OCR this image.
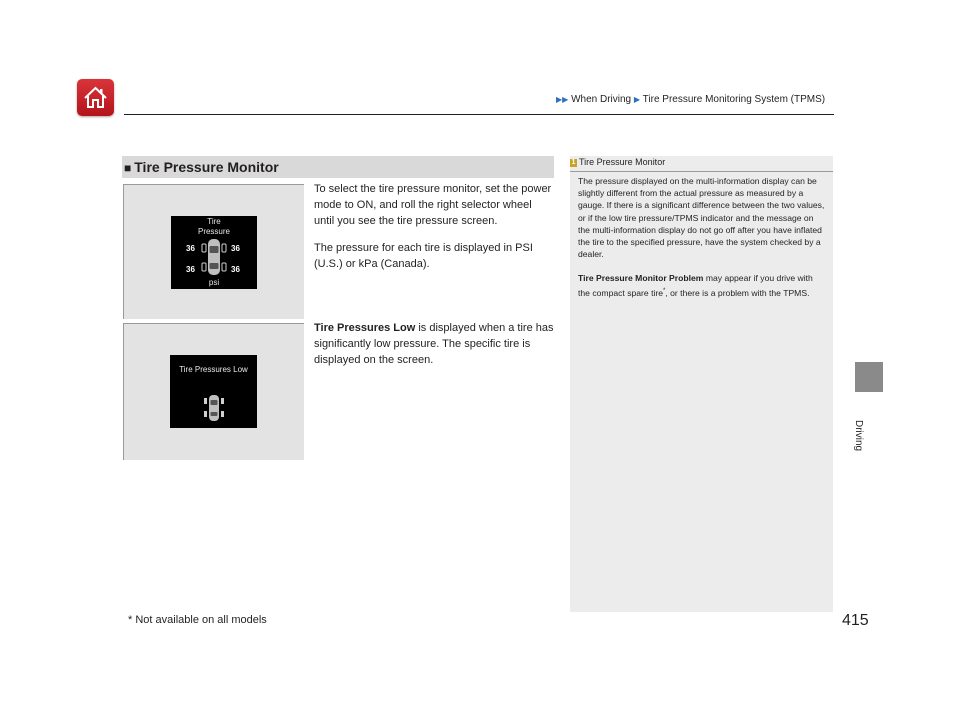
▶▶ When Driving ▶ Tire Pressure Monitoring System (TPMS)
■ Tire Pressure Monitor
Tire
Pressure
36	36
36	36
psi
Tire Pressures Low

To select the tire pressure monitor, set the power mode to ON, and roll the right selector wheel until you see the tire pressure screen.

The pressure for each tire is displayed in PSI (U.S.) or kPa (Canada).

Tire Pressures Low is displayed when a tire has significantly low pressure. The specific tire is displayed on the screen.

1 Tire Pressure Monitor

The pressure displayed on the multi-information display can be slightly different from the actual pressure as measured by a gauge. If there is a significant difference between the two values, or if the low tire pressure/TPMS indicator and the message on the multi-information display do not go off after you have inflated the tire to the specified pressure, have the system checked by a dealer.

Tire Pressure Monitor Problem may appear if you drive with the compact spare tire*, or there is a problem with the TPMS.

Driving
* Not available on all models	415
